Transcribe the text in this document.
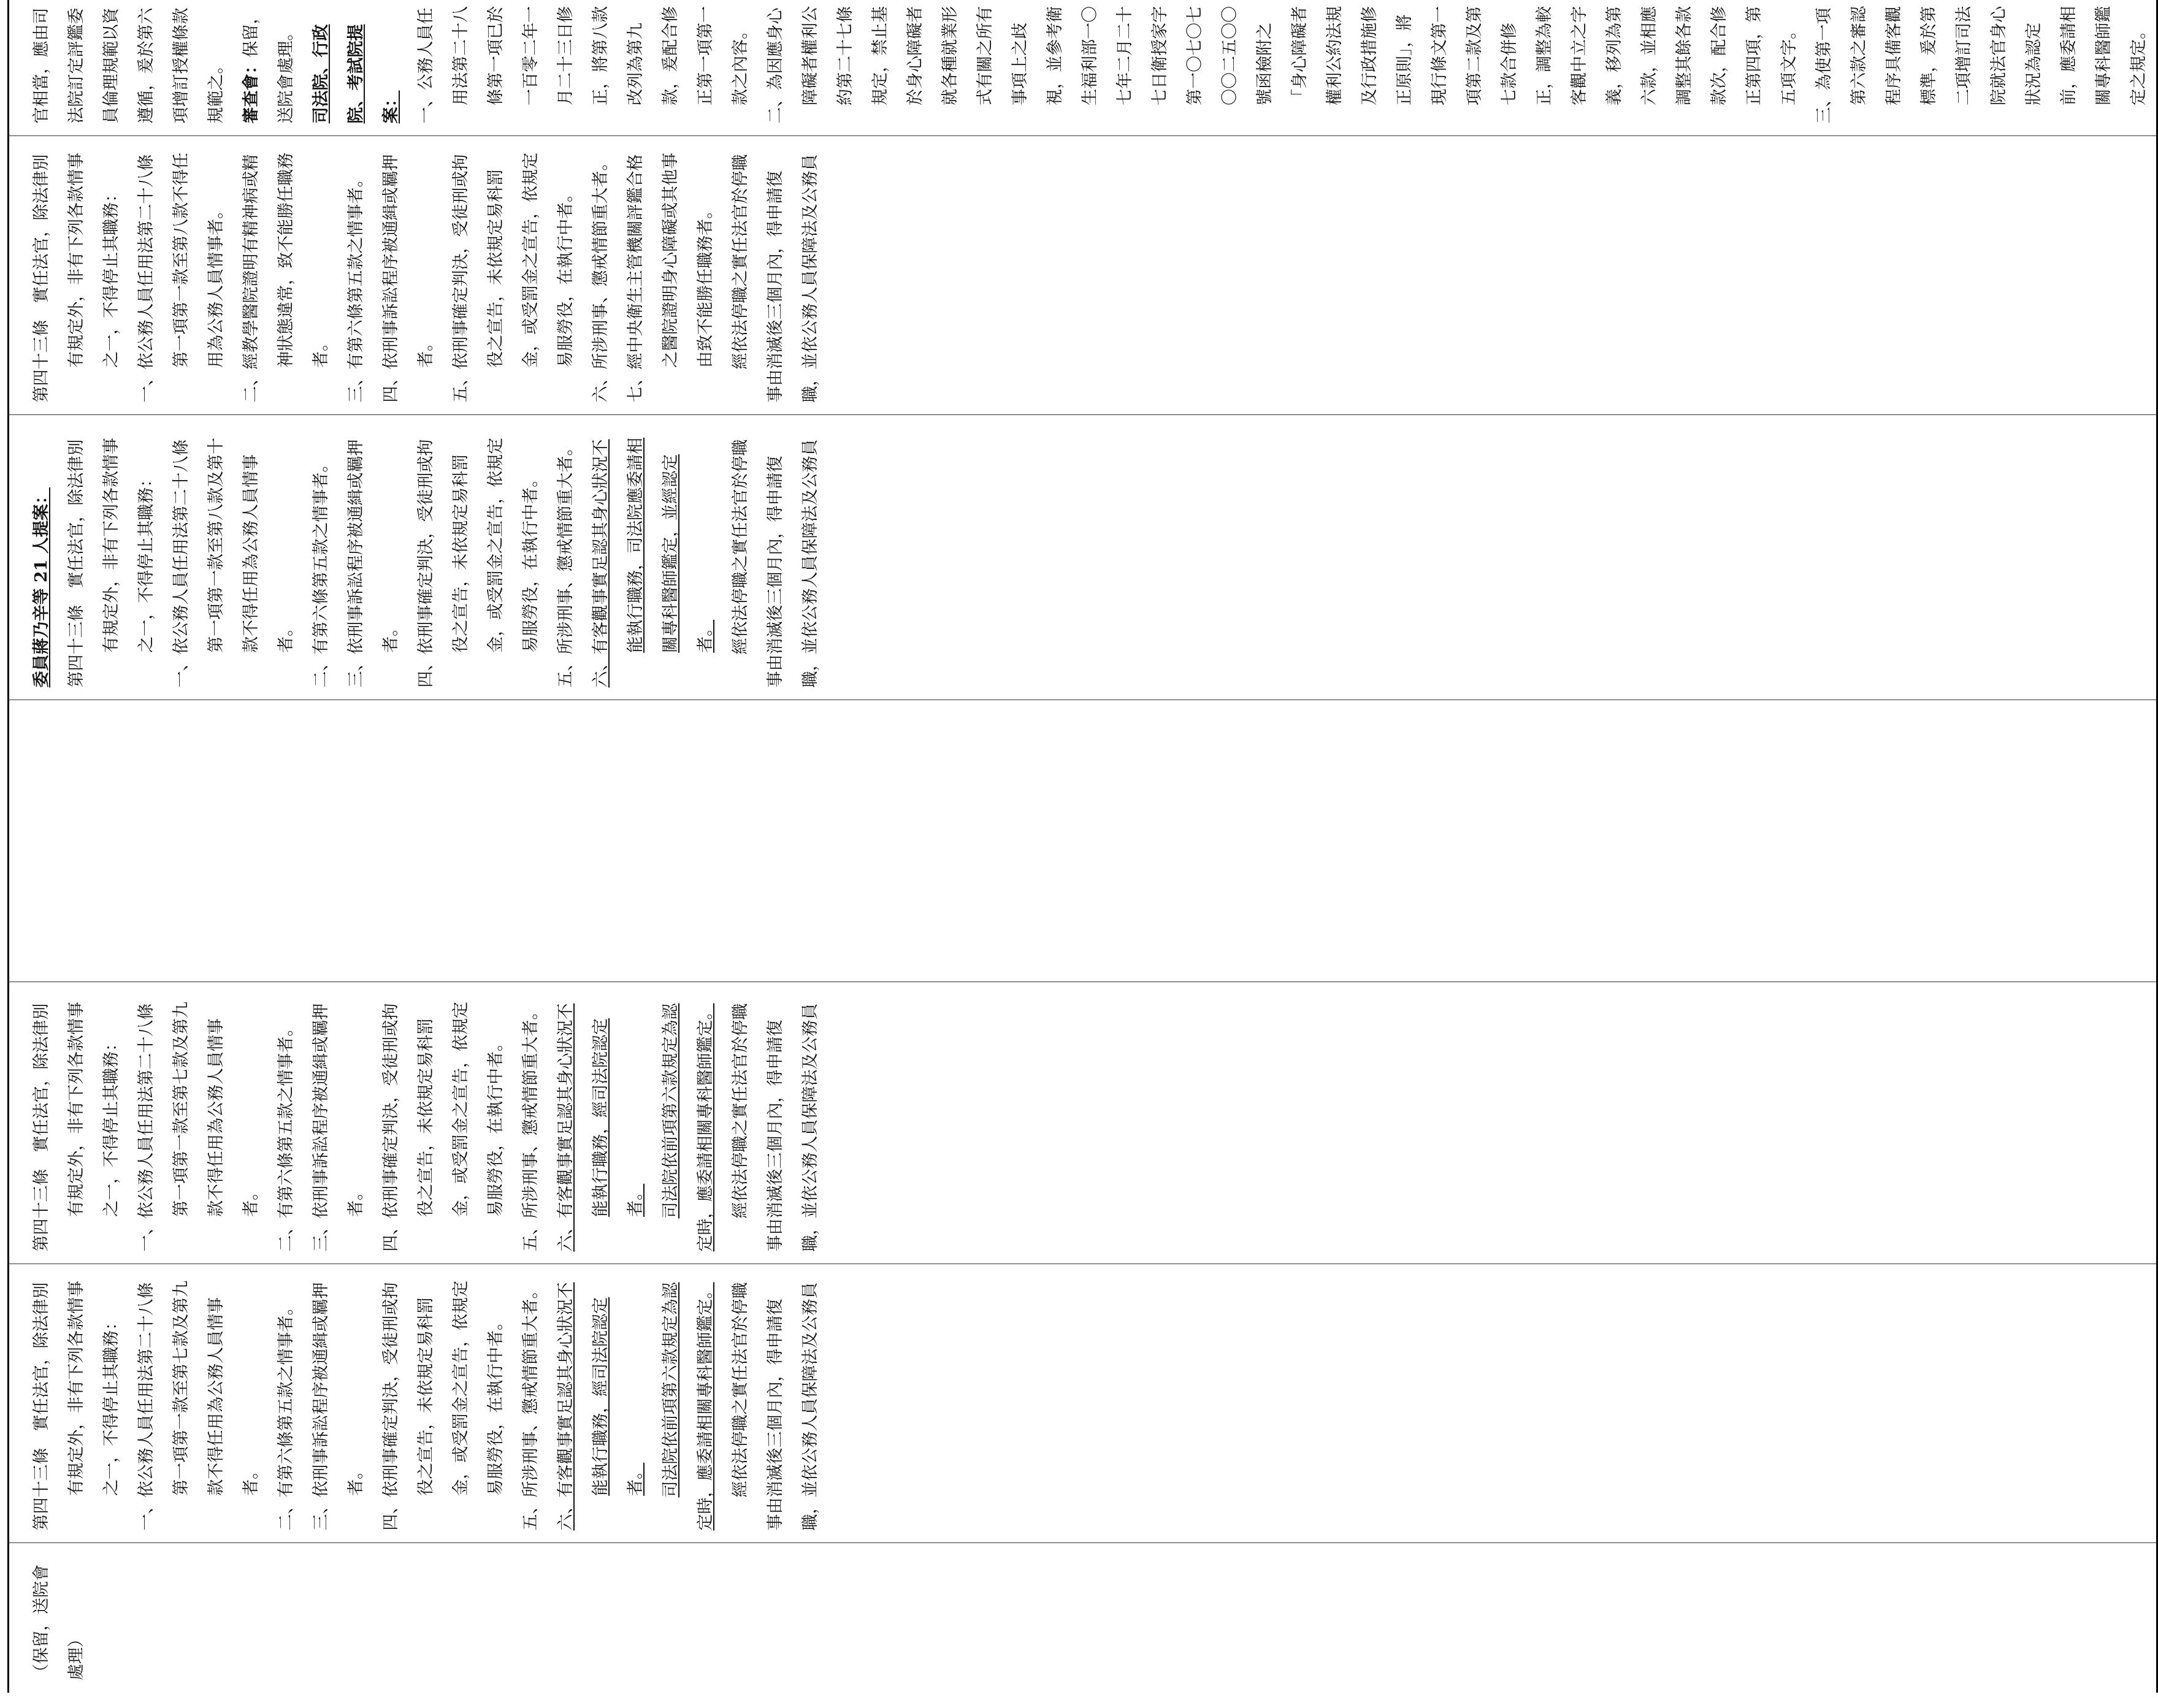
（保留，送院會處理）

第四十三條　實任法官，除法律別有規定外，非有下列各款情事之一，不得停止其職務： 一、依公務人員任用法第二十八條第一項第一款至第七款及第九款不得任用為公務人員情事者。 二、有第六條第五款之情事者。 三、依刑事訴訟程序被通緝或羈押者。 四、依刑事確定判決，受徒刑或拘役之宣告，未依規定易科罰金，或受罰金之宣告，依規定易服勞役，在執行中者。 五、所涉刑事、懲戒情節重大者。 六、有客觀事實足認其身心狀況不能執行職務，經司法院認定者。 司法院依前項第六款規定為認定時，應委請相關專科醫師鑑定。 經依法停職之實任法官於停職事由消滅後三個月內，得申請復職，並依公務人員保障法及公務員

第四十三條　實任法官，除法律別有規定外，非有下列各款情事之一，不得停止其職務： 一、依公務人員任用法第二十八條第一項第一款至第七款及第九款不得任用為公務人員情事者。 二、有第六條第五款之情事者。 三、依刑事訴訟程序被通緝或羈押者。 四、依刑事確定判決，受徒刑或拘役之宣告，未依規定易科罰金，或受罰金之宣告，依規定易服勞役，在執行中者。 五、所涉刑事、懲戒情節重大者。 六、有客觀事實足認其身心狀況不能執行職務，經司法院認定者。 司法院依前項第六款規定為認定時，應委請相關專科醫師鑑定。 經依法停職之實任法官於停職事由消滅後三個月內，得申請復職，並依公務人員保障法及公務員

委員蔣乃辛等 21 人提案： 第四十三條　實任法官，除法律別有規定外，非有下列各款情事之一，不得停止其職務： 一、依公務人員任用法第二十八條第一項第一款至第八款及第十款不得任用為公務人員情事者。 二、有第六條第五款之情事者。 三、依刑事訴訟程序被通緝或羈押者。 四、依刑事確定判決，受徒刑或拘役之宣告，未依規定易科罰金，或受罰金之宣告，依規定易服勞役，在執行中者。 五、所涉刑事、懲戒情節重大者。 六、有客觀事實足認其身心狀況不能執行職務，司法院應委請相關專科醫師鑑定，並經認定者。 經依法停職之實任法官於停職事由消滅後三個月內，得申請復職，並依公務人員保障法及公務員

第四十三條　實任法官，除法律別有規定外，非有下列各款情事之一，不得停止其職務： 一、依公務人員任用法第二十八條第一項第一款至第八款不得任用為公務人員情事者。 二、經教學醫院證明有精神病或精神狀態違常，致不能勝任職務者。 三、有第六條第五款之情事者。 四、依刑事訴訟程序被通緝或羈押者。 五、依刑事確定判決，受徒刑或拘役之宣告，未依規定易科罰金，或受罰金之宣告，依規定易服勞役，在執行中者。 六、所涉刑事、懲戒情節重大者。 七、經中央衛生主管機關評鑑合格之醫院證明身心障礙或其他事由致不能勝任職務者。 經依法停職之實任法官於停職事由消滅後三個月內，得申請復職，並依公務人員保障法及公務員

官相當，應由司法院訂定評鑑委員倫理規範以資遵循，爰於第六項增訂授權條款規範之。 審查會：保留，送院會處理。 司法院、行政院、考試院提案： 一、公務人員任用法第二十八條第一項已於一百零二年一月二十三日修正，將第八款改列為第九款，爰配合修正第一項第一款之內容。 二、為因應身心障礙者權利公約第二十七條規定，禁止基於身心障礙者就各種就業形式有關之所有事項上之歧視，並參考衛生福利部一〇七年二月二十七日衛授家字第一〇七〇七〇〇二五〇〇號函檢附之「身心障礙者權利公約法規及行政措施修正原則」，將現行條文第一項第二款及第七款合併修正，調整為較客觀中立之字義，移列為第六款，並相應調整其餘各款款次，配合修正第四項，第五項文字。 三、為使第一項第六款之審認程序具備客觀標準，爰於第二項增訂司法院就法官身心狀況為認定前，應委請相關專科醫師鑑定之規定。
